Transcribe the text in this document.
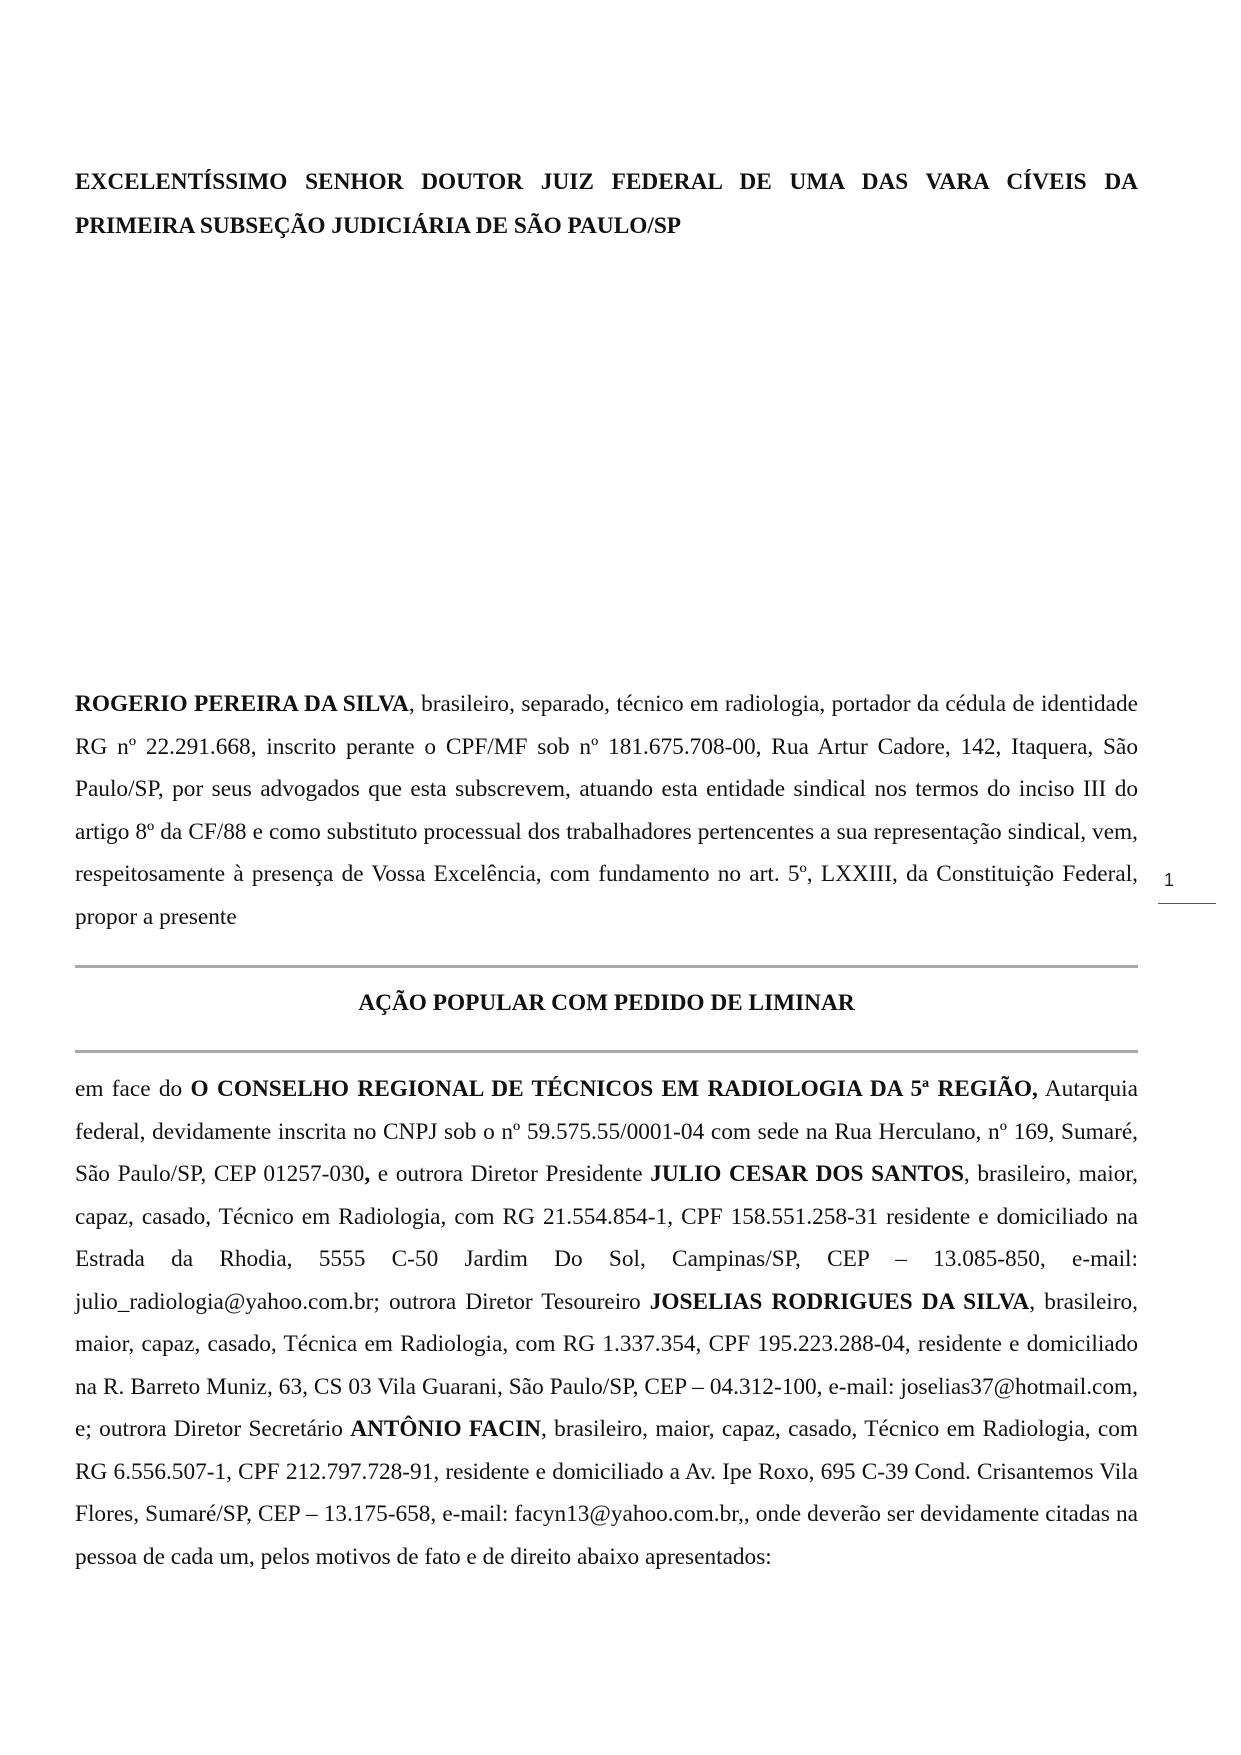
EXCELENTÍSSIMO SENHOR DOUTOR JUIZ FEDERAL DE UMA DAS VARA CÍVEIS DA PRIMEIRA SUBSEÇÃO JUDICIÁRIA DE SÃO PAULO/SP
ROGERIO PEREIRA DA SILVA, brasileiro, separado, técnico em radiologia, portador da cédula de identidade RG nº 22.291.668, inscrito perante o CPF/MF sob nº 181.675.708-00, Rua Artur Cadore, 142, Itaquera, São Paulo/SP, por seus advogados que esta subscrevem, atuando esta entidade sindical nos termos do inciso III do artigo 8º da CF/88 e como substituto processual dos trabalhadores pertencentes a sua representação sindical, vem, respeitosamente à presença de Vossa Excelência, com fundamento no art. 5º, LXXIII, da Constituição Federal, propor a presente
AÇÃO POPULAR COM PEDIDO DE LIMINAR
em face do O CONSELHO REGIONAL DE TÉCNICOS EM RADIOLOGIA DA 5ª REGIÃO, Autarquia federal, devidamente inscrita no CNPJ sob o nº 59.575.55/0001-04 com sede na Rua Herculano, nº 169, Sumaré, São Paulo/SP, CEP 01257-030, e outrora Diretor Presidente JULIO CESAR DOS SANTOS, brasileiro, maior, capaz, casado, Técnico em Radiologia, com RG 21.554.854-1, CPF 158.551.258-31 residente e domiciliado na Estrada da Rhodia, 5555 C-50 Jardim Do Sol, Campinas/SP, CEP – 13.085-850, e-mail: julio_radiologia@yahoo.com.br; outrora Diretor Tesoureiro JOSELIAS RODRIGUES DA SILVA, brasileiro, maior, capaz, casado, Técnica em Radiologia, com RG 1.337.354, CPF 195.223.288-04, residente e domiciliado na R. Barreto Muniz, 63, CS 03 Vila Guarani, São Paulo/SP, CEP – 04.312-100, e-mail: joselias37@hotmail.com, e; outrora Diretor Secretário ANTÔNIO FACIN, brasileiro, maior, capaz, casado, Técnico em Radiologia, com RG 6.556.507-1, CPF 212.797.728-91, residente e domiciliado a Av. Ipe Roxo, 695 C-39 Cond. Crisantemos Vila Flores, Sumaré/SP, CEP – 13.175-658, e-mail: facyn13@yahoo.com.br,, onde deverão ser devidamente citadas na pessoa de cada um, pelos motivos de fato e de direito abaixo apresentados:
1
